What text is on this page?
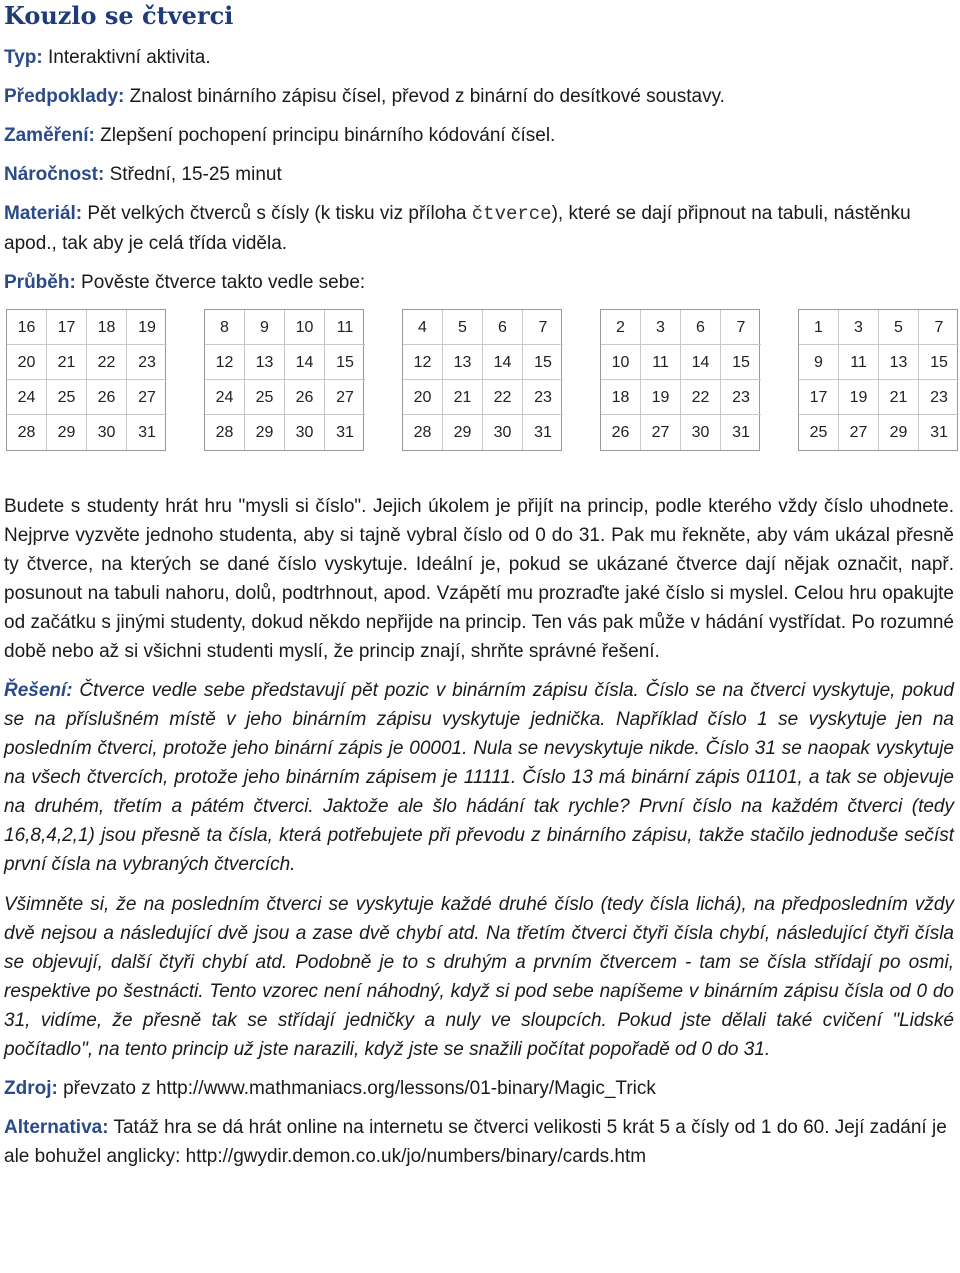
Kouzlo se čtverci
Typ: Interaktivní aktivita.
Předpoklady: Znalost binárního zápisu čísel, převod z binární do desítkové soustavy.
Zaměření: Zlepšení pochopení principu binárního kódování čísel.
Náročnost: Střední, 15-25 minut
Materiál: Pět velkých čtverců s čísly (k tisku viz příloha čtverce), které se dají připnout na tabuli, nástěnku apod., tak aby je celá třída viděla.
Průběh: Pověste čtverce takto vedle sebe:
16	17	18	19
20	21	22	23
24	25	26	27
28	29	30	31
8	9	10	11
12	13	14	15
24	25	26	27
28	29	30	31
4	5	6	7
12	13	14	15
20	21	22	23
28	29	30	31
2	3	6	7
10	11	14	15
18	19	22	23
26	27	30	31
1	3	5	7
9	11	13	15
17	19	21	23
25	27	29	31

Budete s studenty hrát hru "mysli si číslo". Jejich úkolem je přijít na princip, podle kterého vždy číslo uhodnete. Nejprve vyzvěte jednoho studenta, aby si tajně vybral číslo od 0 do 31. Pak mu řekněte, aby vám ukázal přesně ty čtverce, na kterých se dané číslo vyskytuje. Ideální je, pokud se ukázané čtverce dají nějak označit, např. posunout na tabuli nahoru, dolů, podtrhnout, apod. Vzápětí mu prozraďte jaké číslo si myslel. Celou hru opakujte od začátku s jinými studenty, dokud někdo nepřijde na princip. Ten vás pak může v hádání vystřídat. Po rozumné době nebo až si všichni studenti myslí, že princip znají, shrňte správné řešení.

Řešení: Čtverce vedle sebe představují pět pozic v binárním zápisu čísla. Číslo se na čtverci vyskytuje, pokud se na příslušném místě v jeho binárním zápisu vyskytuje jednička. Například číslo 1 se vyskytuje jen na posledním čtverci, protože jeho binární zápis je 00001. Nula se nevyskytuje nikde. Číslo 31 se naopak vyskytuje na všech čtvercích, protože jeho binárním zápisem je 11111. Číslo 13 má binární zápis 01101, a tak se objevuje na druhém, třetím a pátém čtverci. Jaktože ale šlo hádání tak rychle? První číslo na každém čtverci (tedy 16,8,4,2,1) jsou přesně ta čísla, která potřebujete při převodu z binárního zápisu, takže stačilo jednoduše sečíst první čísla na vybraných čtvercích.

Všimněte si, že na posledním čtverci se vyskytuje každé druhé číslo (tedy čísla lichá), na předposledním vždy dvě nejsou a následující dvě jsou a zase dvě chybí atd. Na třetím čtverci čtyři čísla chybí, následující čtyři čísla se objevují, další čtyři chybí atd. Podobně je to s druhým a prvním čtvercem - tam se čísla střídají po osmi, respektive po šestnácti. Tento vzorec není náhodný, když si pod sebe napíšeme v binárním zápisu čísla od 0 do 31, vidíme, že přesně tak se střídají jedničky a nuly ve sloupcích. Pokud jste dělali také cvičení "Lidské počítadlo", na tento princip už jste narazili, když jste se snažili počítat popořadě od 0 do 31.

Zdroj: převzato z http://www.mathmaniacs.org/lessons/01-binary/Magic_Trick

Alternativa: Tatáž hra se dá hrát online na internetu se čtverci velikosti 5 krát 5 a čísly od 1 do 60. Její zadání je ale bohužel anglicky: http://gwydir.demon.co.uk/jo/numbers/binary/cards.htm
